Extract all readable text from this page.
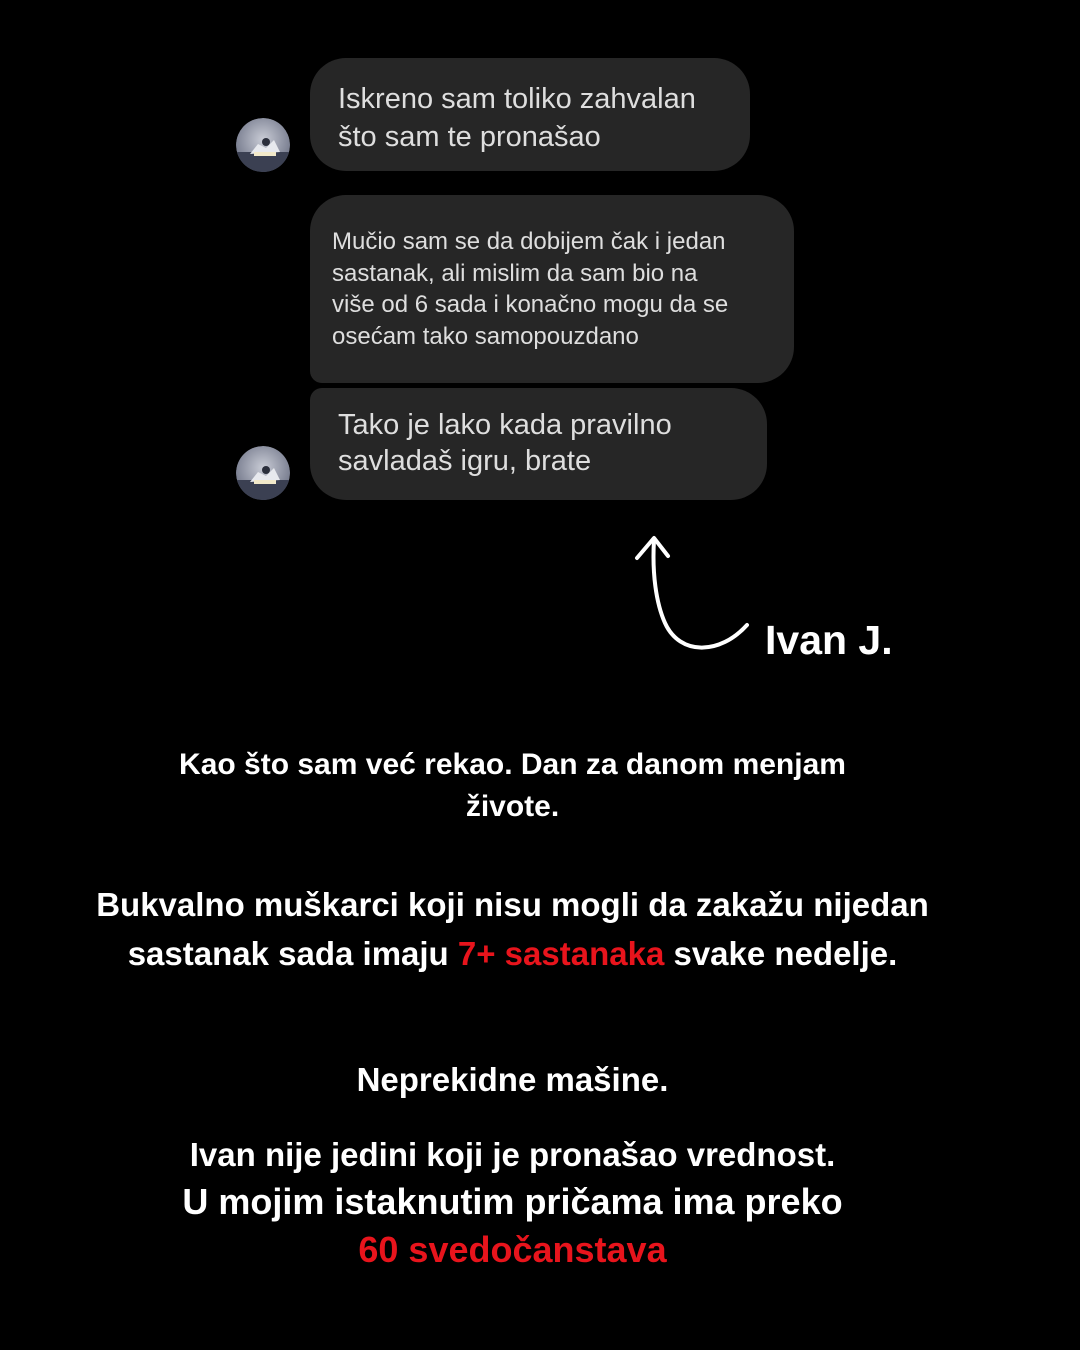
Iskreno sam toliko zahvalan
što sam te pronašao
Mučio sam se da dobijem čak i jedan
sastanak, ali mislim da sam bio na
više od 6 sada i konačno mogu da se
osećam tako samopouzdano
Tako je lako kada pravilno
savladaš igru, brate
Ivan J.
Kao što sam već rekao. Dan za danom menjam živote.
Bukvalno muškarci koji nisu mogli da zakažu nijedan sastanak sada imaju 7+ sastanaka svake nedelje.
Neprekidne mašine.
Ivan nije jedini koji je pronašao vrednost.
U mojim istaknutim pričama ima preko
60 svedočanstava
